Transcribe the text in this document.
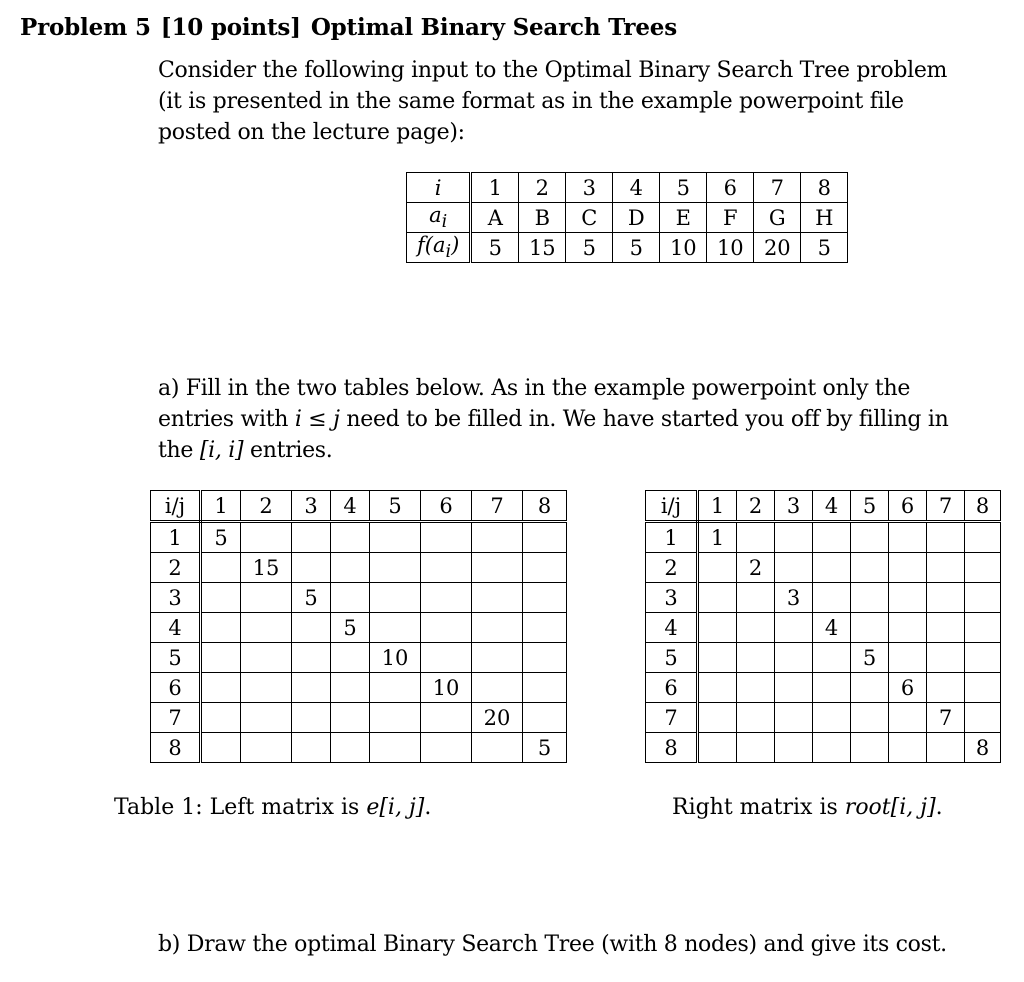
Problem 5 [10 points] Optimal Binary Search Trees
Consider the following input to the Optimal Binary Search Tree problem (it is presented in the same format as in the example powerpoint file posted on the lecture page):
i	1	2	3	4	5	6	7	8
$a_i$	A	B	C	D	E	F	G	H
$f(a_i)$	5	15	5	5	10	10	20	5
a) Fill in the two tables below. As in the example powerpoint only the entries with i ≤ j need to be filled in. We have started you off by filling in the [i, i] entries.
i/j	1	2	3	4	5	6	7	8
1	5							
2		15						
3			5					
4				5				
5					10			
6						10		
7							20	
8								5
i/j	1	2	3	4	5	6	7	8
1	1							
2		2						
3			3					
4				4				
5					5			
6						6		
7							7	
8								8
Table 1: Left matrix is e[i, j].	Right matrix is root[i, j].
b) Draw the optimal Binary Search Tree (with 8 nodes) and give its cost.
